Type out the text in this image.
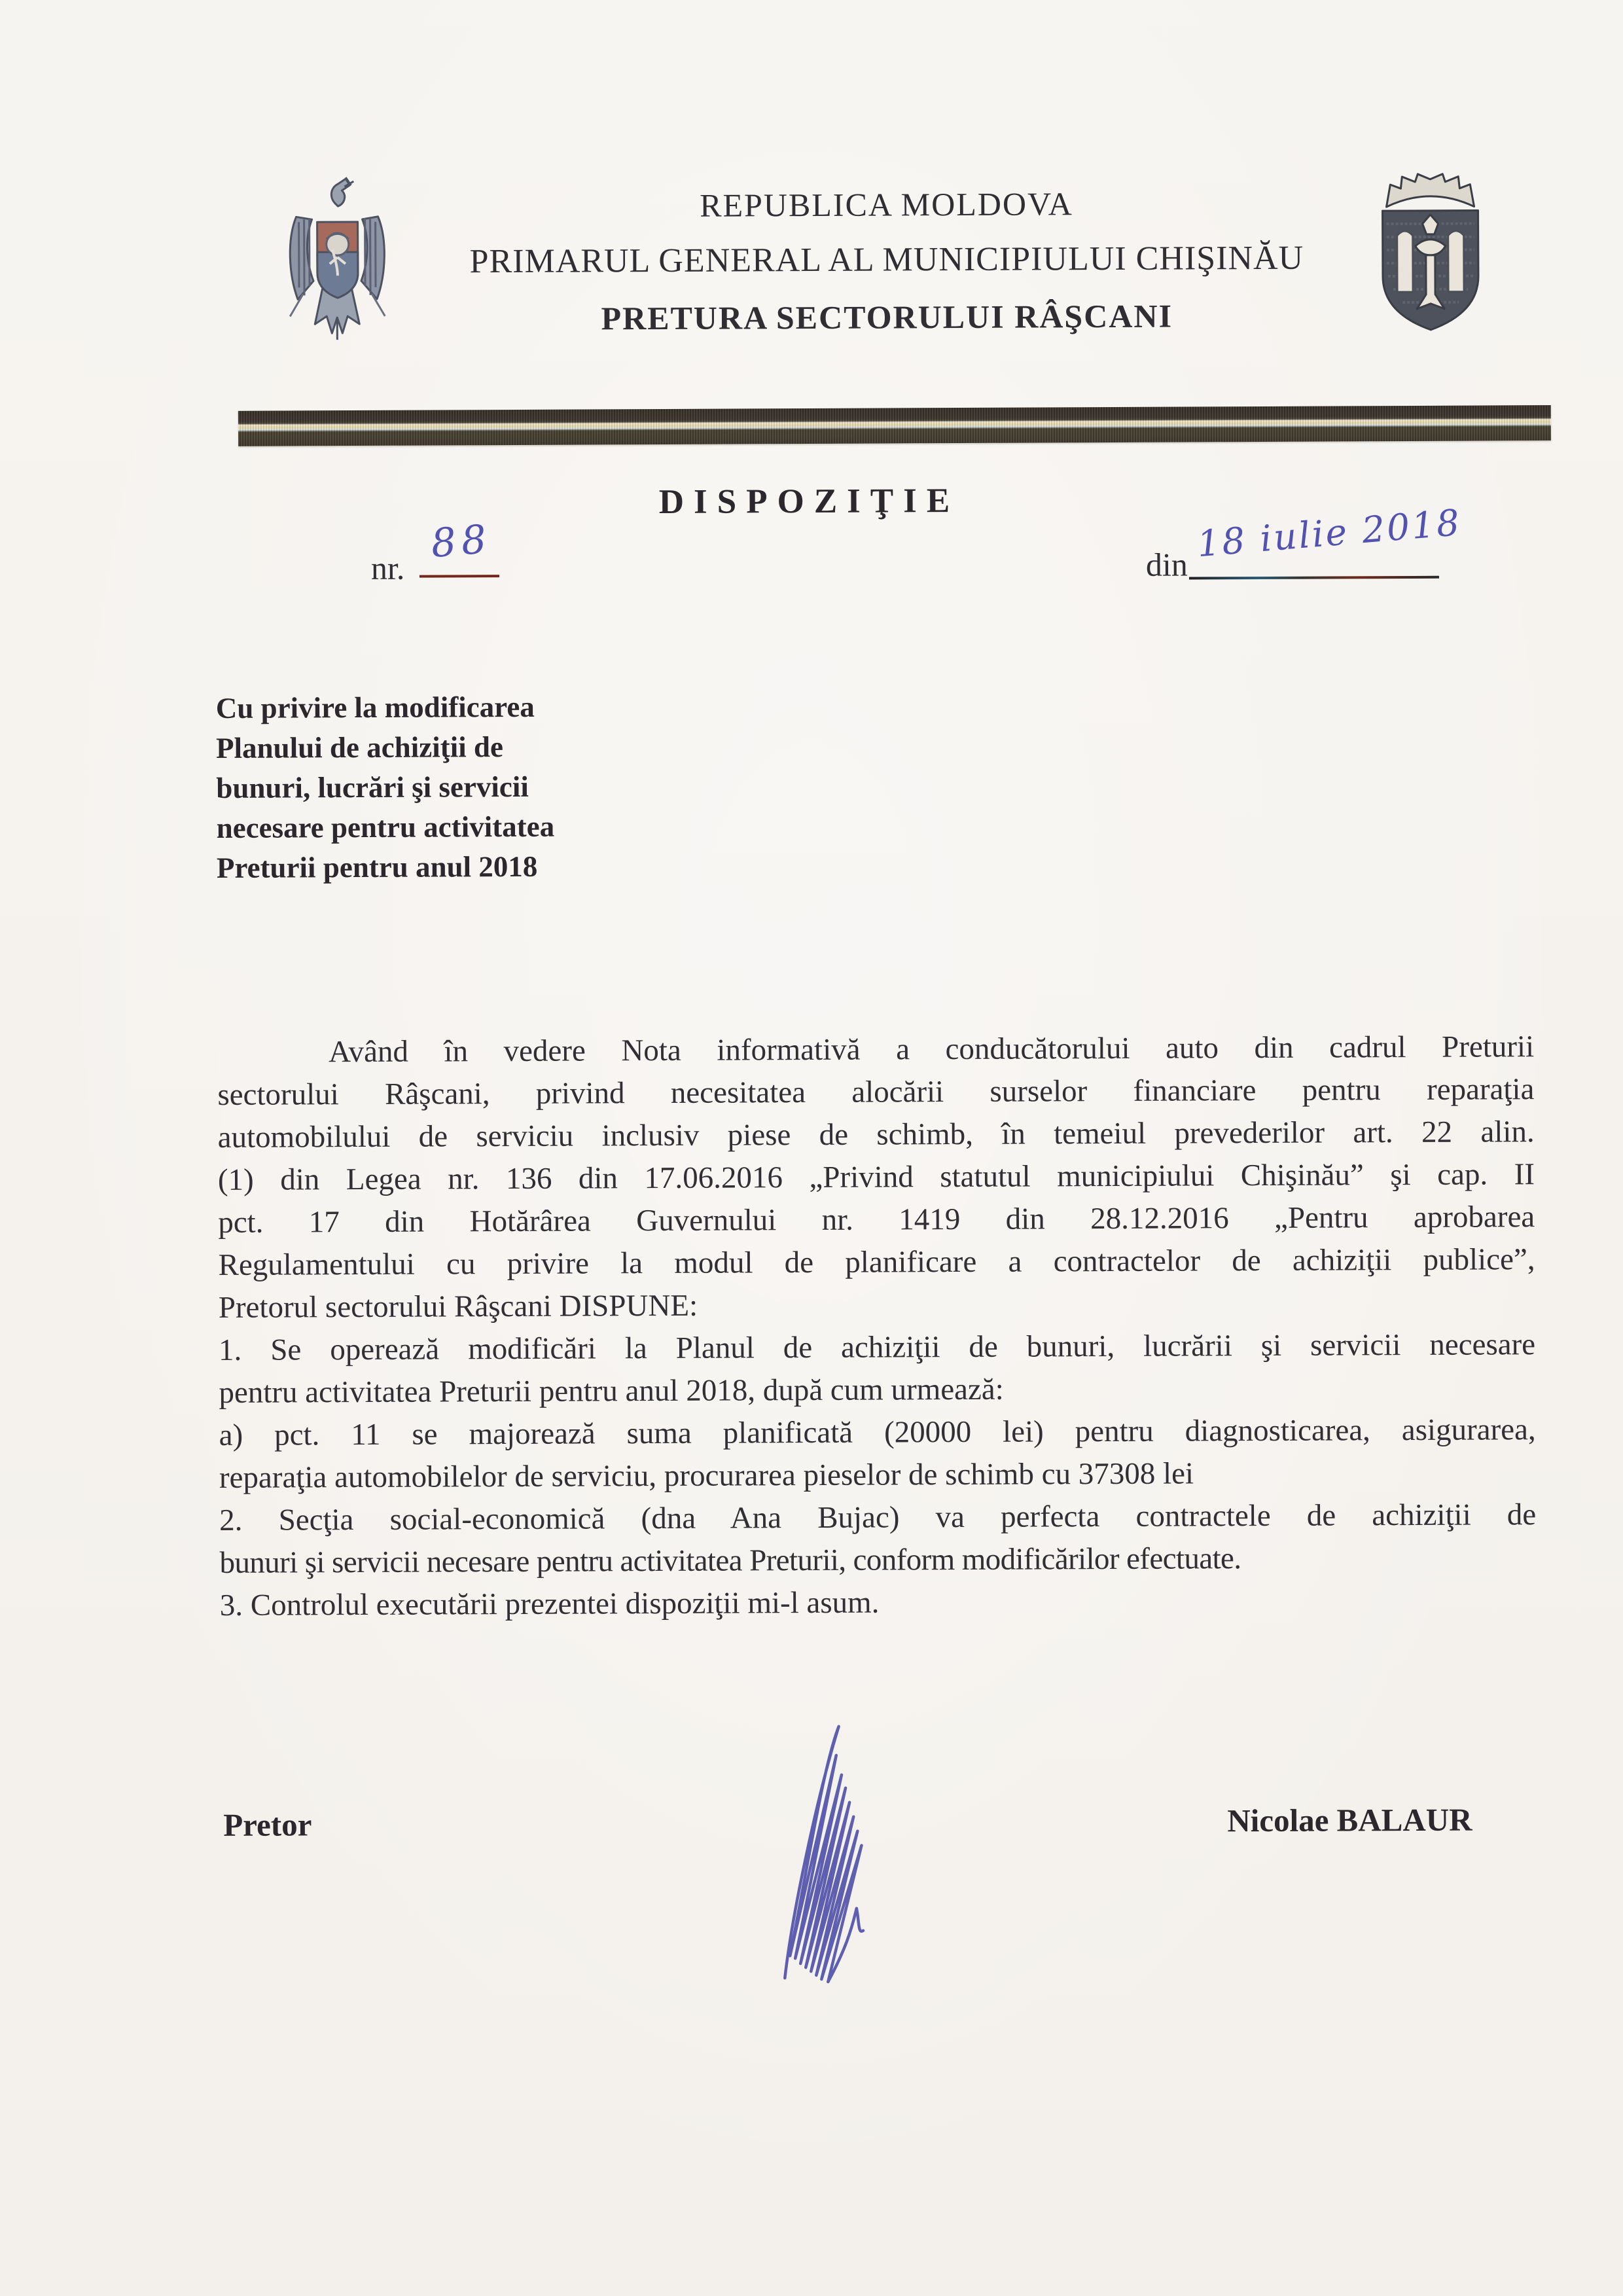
REPUBLICA MOLDOVA
PRIMARUL GENERAL AL MUNICIPIULUI CHIŞINĂU
PRETURA SECTORULUI RÂŞCANI
DISPOZIŢIE
nr.
88	din 18 iulie 2018
Cu privire la modificarea
Planului de achiziţii de
bunuri, lucrări şi servicii
necesare pentru activitatea
Preturii pentru anul 2018
Având în vedere Nota informativă a conducătorului auto din cadrul Preturii
sectorului Râşcani, privind necesitatea alocării surselor financiare pentru reparaţia
automobilului de serviciu inclusiv piese de schimb, în temeiul prevederilor art. 22 alin.
(1) din Legea nr. 136 din 17.06.2016 „Privind statutul municipiului Chişinău” şi cap. II
pct. 17 din Hotărârea Guvernului nr. 1419 din 28.12.2016 „Pentru aprobarea
Regulamentului cu privire la modul de planificare a contractelor de achiziţii publice”,
Pretorul sectorului Râşcani DISPUNE:
1. Se operează modificări la Planul de achiziţii de bunuri, lucrării şi servicii necesare
pentru activitatea Preturii pentru anul 2018, după cum urmează:
a) pct. 11 se majorează suma planificată (20000 lei) pentru diagnosticarea, asigurarea,
reparaţia automobilelor de serviciu, procurarea pieselor de schimb cu 37308 lei
2. Secţia social-economică (dna Ana Bujac) va perfecta contractele de achiziţii de
bunuri şi servicii necesare pentru activitatea Preturii, conform modificărilor efectuate.
3. Controlul executării prezentei dispoziţii mi-l asum.
Pretor	Nicolae BALAUR
